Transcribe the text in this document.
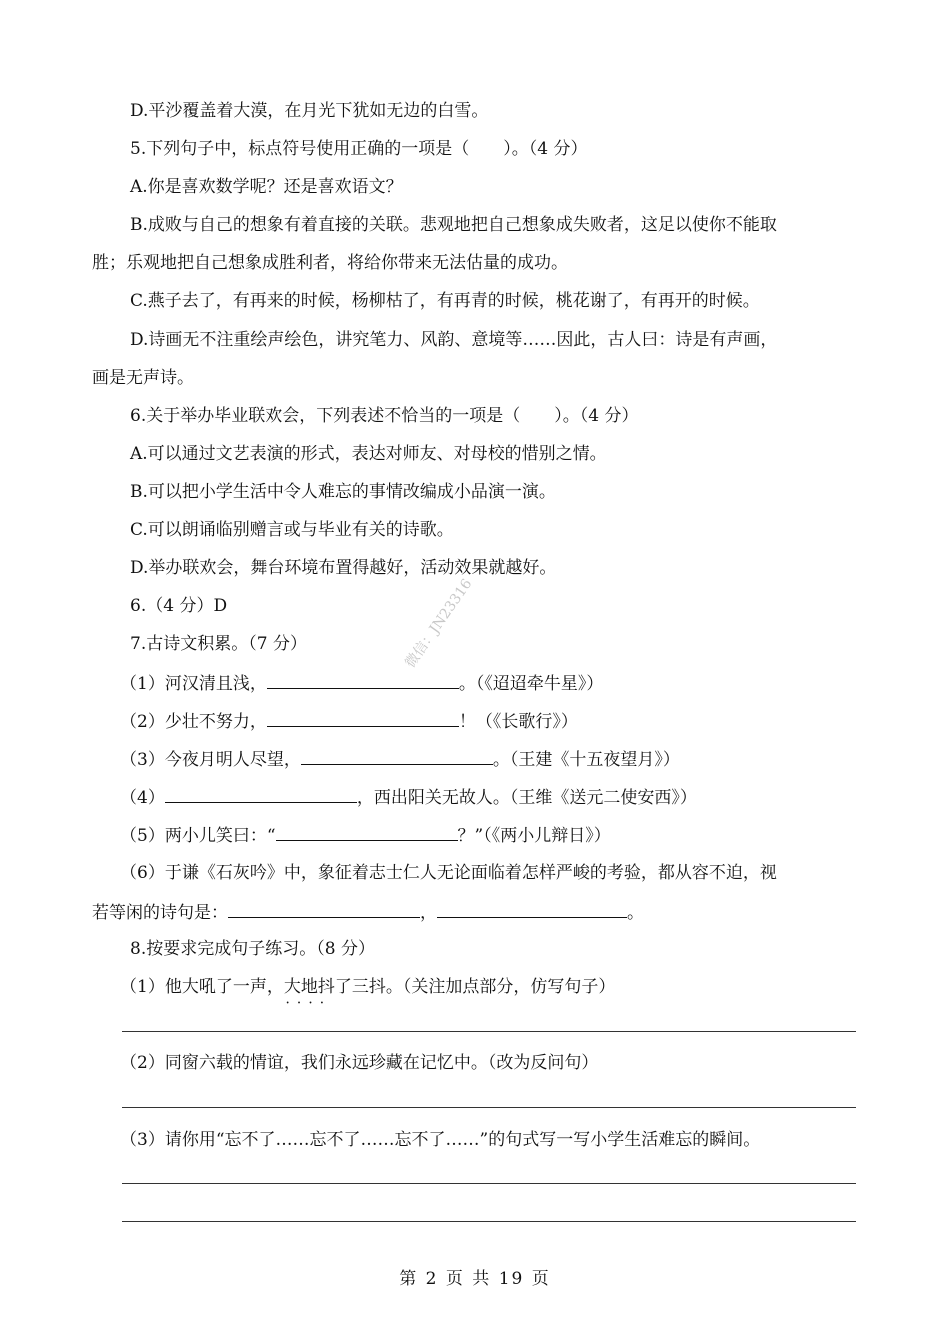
D.平沙覆盖着大漠，在月光下犹如无边的白雪。
5.下列句子中，标点符号使用正确的一项是（　　）。（4 分）
A.你是喜欢数学呢？还是喜欢语文？
B.成败与自己的想象有着直接的关联。悲观地把自己想象成失败者，这足以使你不能取
胜；乐观地把自己想象成胜利者，将给你带来无法估量的成功。
C.燕子去了，有再来的时候，杨柳枯了，有再青的时候，桃花谢了，有再开的时候。
D.诗画无不注重绘声绘色，讲究笔力、风韵、意境等……因此，古人曰：诗是有声画，
画是无声诗。
6.关于举办毕业联欢会，下列表述不恰当的一项是（　　）。（4 分）
A.可以通过文艺表演的形式，表达对师友、对母校的惜别之情。
B.可以把小学生活中令人难忘的事情改编成小品演一演。
C.可以朗诵临别赠言或与毕业有关的诗歌。
D.举办联欢会，舞台环境布置得越好，活动效果就越好。
6.（4 分）D
7.古诗文积累。（7 分）
（1）河汉清且浅，	。（《迢迢牵牛星》）
（2）少壮不努力，	！（《长歌行》）
（3）今夜月明人尽望，	。（王建《十五夜望月》）
（4）	，西出阳关无故人。（王维《送元二使安西》）
（5）两小儿笑曰：“	？”（《两小儿辩日》）
（6）于谦《石灰吟》中，象征着志士仁人无论面临着怎样严峻的考验，都从容不迫，视
若等闲的诗句是：	，	。
8.按要求完成句子练习。（8 分）
（1）他大吼了一声，大地抖了三抖 • • • •。（关注加点部分，仿写句子）
（2）同窗六载的情谊，我们永远珍藏在记忆中。（改为反问句）
（3）请你用“忘不了……忘不了……忘不了……”的句式写一写小学生活难忘的瞬间。
微信：JN23316
第 2 页 共 19 页
